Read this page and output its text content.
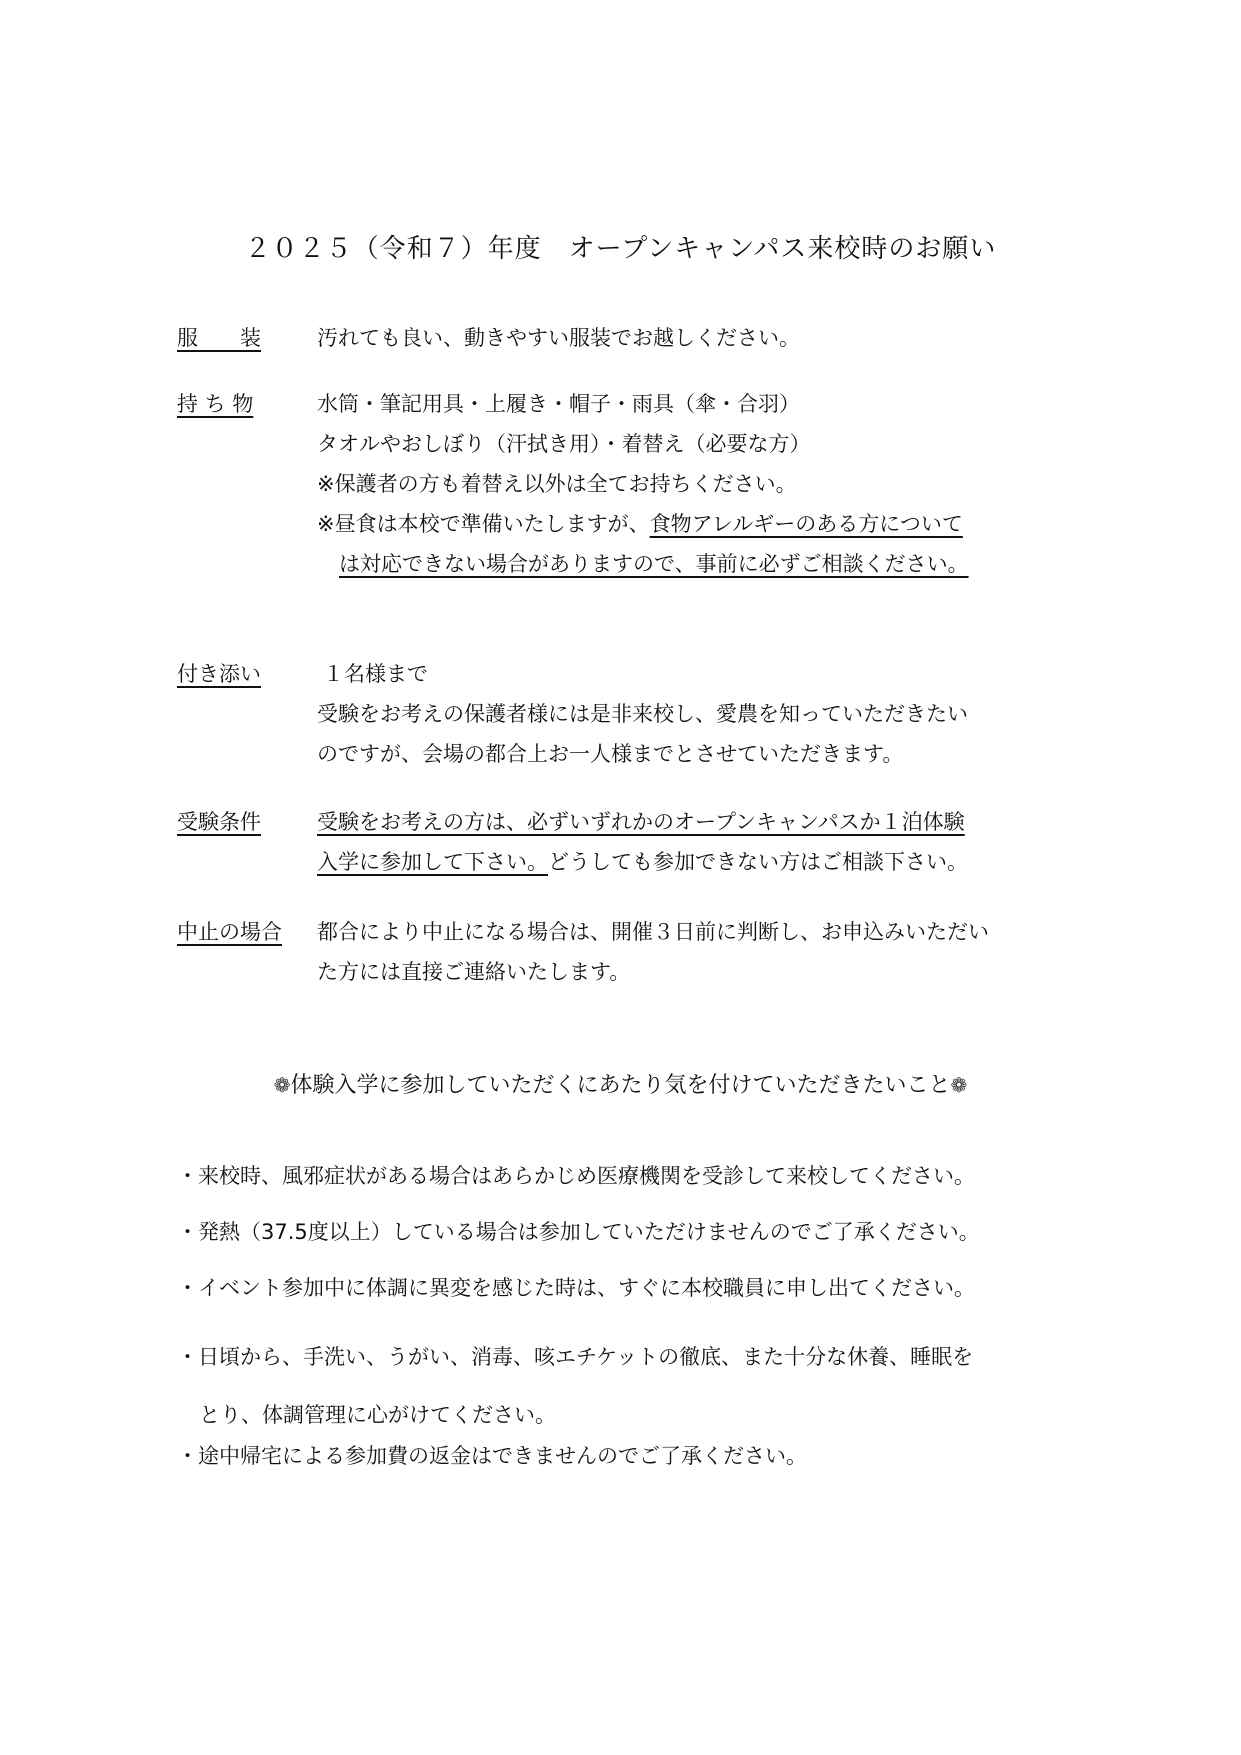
２０２５（令和７）年度　オープンキャンパス来校時のお願い
服　　装	汚れても良い、動きやすい服装でお越しください。
持 ち 物	水筒・筆記用具・上履き・帽子・雨具（傘・合羽）
タオルやおしぼり（汗拭き用）・着替え（必要な方）
※保護者の方も着替え以外は全てお持ちください。
※昼食は本校で準備いたしますが、食物アレルギーのある方について
は対応できない場合がありますので、事前に必ずご相談ください。
付き添い	１名様まで
受験をお考えの保護者様には是非来校し、愛農を知っていただきたい
のですが、会場の都合上お一人様までとさせていただきます。
受験条件	受験をお考えの方は、必ずいずれかのオープンキャンパスか１泊体験
入学に参加して下さい。どうしても参加できない方はご相談下さい。
中止の場合 都合により中止になる場合は、開催３日前に判断し、お申込みいただい
た方には直接ご連絡いたします。
❁体験入学に参加していただくにあたり気を付けていただきたいこと❁
・来校時、風邪症状がある場合はあらかじめ医療機関を受診して来校してください。
・発熱（37.5度以上）している場合は参加していただけませんのでご了承ください。
・イベント参加中に体調に異変を感じた時は、すぐに本校職員に申し出てください。
・日頃から、手洗い、うがい、消毒、咳エチケットの徹底、また十分な休養、睡眠を
とり、体調管理に心がけてください。
・途中帰宅による参加費の返金はできませんのでご了承ください。
